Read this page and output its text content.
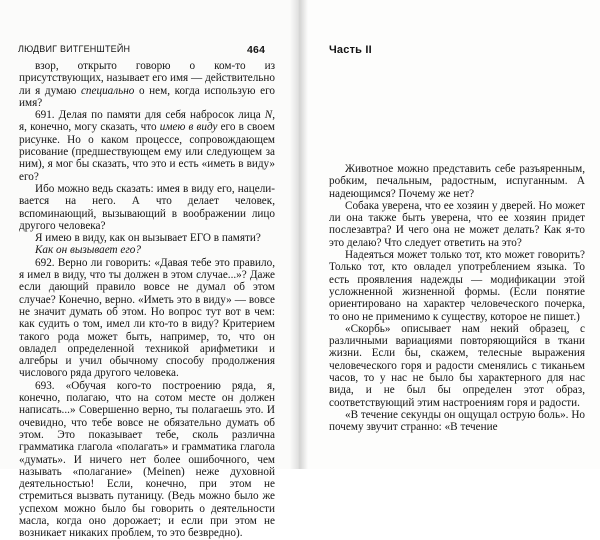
ЛЮДВИГ ВИТГЕНШТЕЙН	464

взор, открыто говорю о ком-то из присутствующих, называет его имя — действительно ли я думаю специально о нем, когда использую его имя?

691. Делая по памяти для себя набросок лица N, я, конечно, могу сказать, что имею в виду его в своем рисунке. Но о каком процессе, сопровождающем рисование (предшествующем ему или следующем за ним), я мог бы сказать, что это и есть «иметь в виду» его?

Ибо можно ведь сказать: имея в виду его, нацеливается на него. А что делает человек, вспоминающий, вызывающий в воображении лицо другого человека?

Я имею в виду, как он вызывает ЕГО в памяти?

Как он вызывает его?

692. Верно ли говорить: «Давая тебе это правило, я имел в виду, что ты должен в этом случае...»? Даже если дающий правило вовсе не думал об этом случае? Конечно, верно. «Иметь это в виду» — вовсе не значит думать об этом. Но вопрос тут вот в чем: как судить о том, имел ли кто-то в виду? Критерием такого рода может быть, например, то, что он овладел определенной техникой арифметики и алгебры и учил обычному способу продолжения числового ряда другого человека.

693. «Обучая кого-то построению ряда, я, конечно, полагаю, что на сотом месте он должен написать...» Совершенно верно, ты полагаешь это. И очевидно, что тебе вовсе не обязательно думать об этом. Это показывает тебе, сколь различна грамматика глагола «полагать» и грамматика глагола «думать». И ничего нет более ошибочного, чем называть «полагание» (Meinen) неже духовной деятельностью! Если, конечно, при этом не стремиться вызвать путаницу. (Ведь можно было же успехом можно было бы говорить о деятельности масла, когда оно дорожает; и если при этом не возникает никаких проблем, то это безвредно).

Часть II

Животное можно представить себе разъяренным, робким, печальным, радостным, испуганным. А надеющимся? Почему же нет?

Собака уверена, что ее хозяин у дверей. Но может ли она также быть уверена, что ее хозяин придет послезавтра? И чего она не может делать? Как я-то это делаю? Что следует ответить на это?

Надеяться может только тот, кто может говорить? Только тот, кто овладел употреблением языка. То есть проявления надежды — модификации этой усложненной жизненной формы. (Если понятие ориентировано на характер человеческого почерка, то оно не применимо к существу, которое не пишет.)

«Скорбь» описывает нам некий образец, с различными вариациями повторяющийся в ткани жизни. Если бы, скажем, телесные выражения человеческого горя и радости сменялись с тиканьем часов, то у нас не было бы характерного для нас вида, и не был бы определен этот образ, соответствующий этим настроениям горя и радости.

«В течение секунды он ощущал острую боль». Но почему звучит странно: «В течение
